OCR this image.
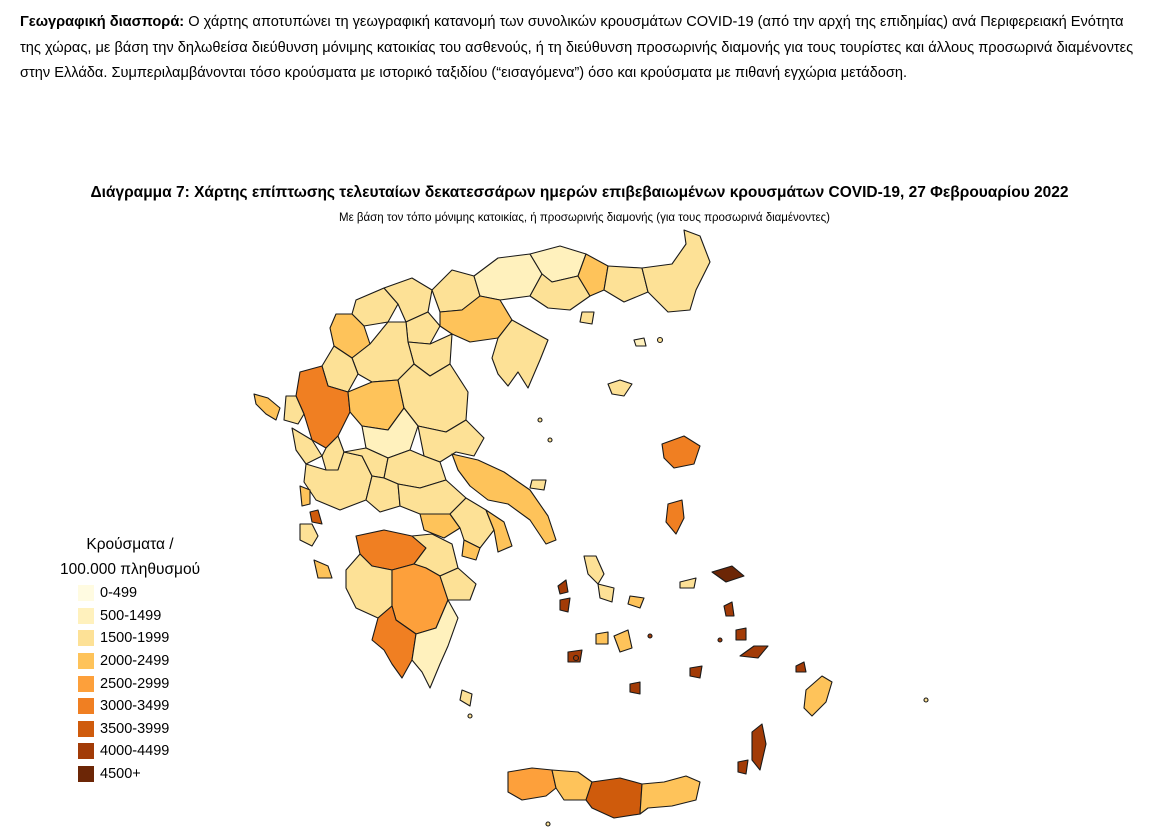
Γεωγραφική διασπορά: Ο χάρτης αποτυπώνει τη γεωγραφική κατανομή των συνολικών κρουσμάτων COVID-19 (από την αρχή της επιδημίας) ανά Περιφερειακή Ενότητα της χώρας, με βάση την δηλωθείσα διεύθυνση μόνιμης κατοικίας του ασθενούς, ή τη διεύθυνση προσωρινής διαμονής για τους τουρίστες και άλλους προσωρινά διαμένοντες στην Ελλάδα. Συμπεριλαμβάνονται τόσο κρούσματα με ιστορικό ταξιδίου (“εισαγόμενα”) όσο και κρούσματα με πιθανή εγχώρια μετάδοση.
Διάγραμμα 7: Χάρτης επίπτωσης τελευταίων δεκατεσσάρων ημερών επιβεβαιωμένων κρουσμάτων COVID-19, 27 Φεβρουαρίου 2022
Με βάση τον τόπο μόνιμης κατοικίας, ή προσωρινής διαμονής (για τους προσωρινά διαμένοντες)
Κρούσματα /
100.000 πληθυσμού
0-499
500-1499
1500-1999
2000-2499
2500-2999
3000-3499
3500-3999
4000-4499
4500+
